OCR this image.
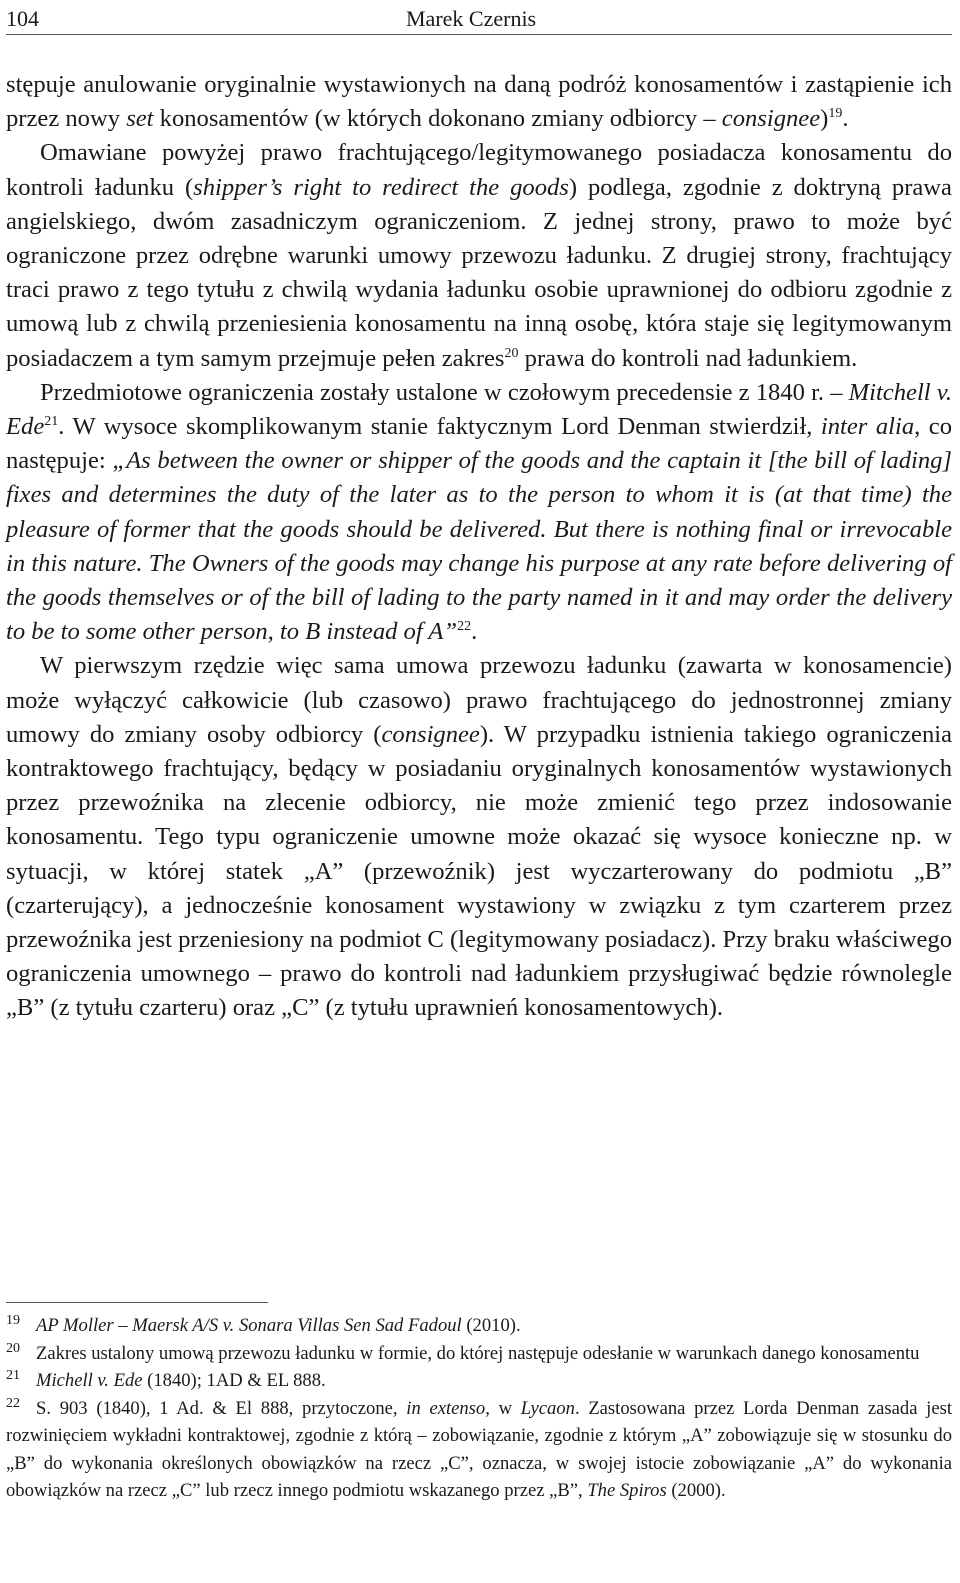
104	Marek Czernis

stępuje anulowanie oryginalnie wystawionych na daną podróż konosamentów i zastąpienie ich przez nowy set konosamentów (w których dokonano zmiany odbiorcy – consignee)$^{19}$.

Omawiane powyżej prawo frachtującego/legitymowanego posiadacza konosamentu do kontroli ładunku (shipper’s right to redirect the goods) podlega, zgodnie z doktryną prawa angielskiego, dwóm zasadniczym ograniczeniom. Z jednej strony, prawo to może być ograniczone przez odrębne warunki umowy przewozu ładunku. Z drugiej strony, frachtujący traci prawo z tego tytułu z chwilą wydania ładunku osobie uprawnionej do odbioru zgodnie z umową lub z chwilą przeniesienia konosamentu na inną osobę, która staje się legitymowanym posiadaczem a tym samym przejmuje pełen zakres$^{20}$ prawa do kontroli nad ładunkiem.

Przedmiotowe ograniczenia zostały ustalone w czołowym precedensie z 1840 r. – Mitchell v. Ede$^{21}$. W wysoce skomplikowanym stanie faktycznym Lord Denman stwierdził, inter alia, co następuje: „As between the owner or shipper of the goods and the captain it [the bill of lading] fixes and determines the duty of the later as to the person to whom it is (at that time) the pleasure of former that the goods should be delivered. But there is nothing final or irrevocable in this nature. The Owners of the goods may change his purpose at any rate before delivering of the goods themselves or of the bill of lading to the party named in it and may order the delivery to be to some other person, to B instead of A”$^{22}$.

W pierwszym rzędzie więc sama umowa przewozu ładunku (zawarta w konosamencie) może wyłączyć całkowicie (lub czasowo) prawo frachtującego do jednostronnej zmiany umowy do zmiany osoby odbiorcy (consignee). W przypadku istnienia takiego ograniczenia kontraktowego frachtujący, będący w posiadaniu oryginalnych konosamentów wystawionych przez przewoźnika na zlecenie odbiorcy, nie może zmienić tego przez indosowanie konosamentu. Tego typu ograniczenie umowne może okazać się wysoce konieczne np. w sytuacji, w której statek „A” (przewoźnik) jest wyczarterowany do podmiotu „B” (czarterujący), a jednocześnie konosament wystawiony w związku z tym czarterem przez przewoźnika jest przeniesiony na podmiot C (legitymowany posiadacz). Przy braku właściwego ograniczenia umownego – prawo do kontroli nad ładunkiem przysługiwać będzie równolegle „B” (z tytułu czarteru) oraz „C” (z tytułu uprawnień konosamentowych).

19 AP Moller – Maersk A/S v. Sonara Villas Sen Sad Fadoul (2010).

20 Zakres ustalony umową przewozu ładunku w formie, do której następuje odesłanie w warunkach danego konosamentu

21 Michell v. Ede (1840); 1AD & EL 888.

22 S. 903 (1840), 1 Ad. & El 888, przytoczone, in extenso, w Lycaon. Zastosowana przez Lorda Denman zasada jest rozwinięciem wykładni kontraktowej, zgodnie z którą – zobowiązanie, zgodnie z którym „A” zobowiązuje się w stosunku do „B” do wykonania określonych obowiązków na rzecz „C”, oznacza, w swojej istocie zobowiązanie „A” do wykonania obowiązków na rzecz „C” lub rzecz innego podmiotu wskazanego przez „B”, The Spiros (2000).
